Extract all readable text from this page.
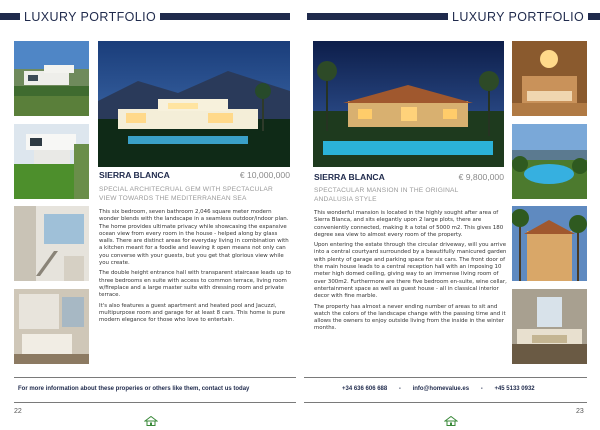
LUXURY PORTFOLIO	LUXURY PORTFOLIO
SIERRA BLANCA	€ 10,000,000
SPECIAL ARCHITECRUAL GEM WITH SPECTACULAR VIEW TOWARDS THE MEDITERRANEAN SEA

This six bedroom, seven bathroom 2,046 square meter modern wonder blends with the landscape in a seamless outdoor/indoor plan. The home provides ultimate privacy while showcasing the expansive ocean view from every room in the house - helped along by glass walls. There are distinct areas for everyday living in combination with a kitchen meant for a foodie and leaving it open means not only can you converse with your guests, but you get that glorious view while you create.

The double height entrance hall with transparent staircase leads up to three bedrooms en suite with access to common terrace, living room w/fireplace and a large master suite with dressing room and private terrace.

It's also features a guest apartment and heated pool and Jacuzzi, multipurpose room and garage for at least 8 cars. This home is pure modern elegance for those who love to entertain.

SIERRA BLANCA	€ 9,800,000
SPECTACULAR MANSION IN THE ORIGINAL ANDALUSIA STYLE

This wonderful mansion is located in the highly sought after area of Sierra Blanca, and sits elegantly upon 2 large plots, there are conveniently connected, making it a total of 5000 m2. This gives 180 degree sea view to almost every room of the property.

Upon entering the estate through the circular driveway, will you arrive into a central courtyard surrounded by a beautifully manicured garden with plenty of garage and parking space for six cars. The front door of the main house leads to a central reception hall with an imposing 10 meter high domed ceiling, giving way to an immense living room of over 300m2. Furthermore are there five bedroom en-suite, wine cellar, entertainment space as well as guest house - all in classical interior decor with fine marble.

The property has almost a never ending number of areas to sit and watch the colors of the landscape change with the passing time and it allows the owners to enjoy outside living from the inside in the winter months.

For more information about these properies or others like them, contact us today	+34 636 606 688 - info@homevalue.es - +45 5133 0932
22	23
